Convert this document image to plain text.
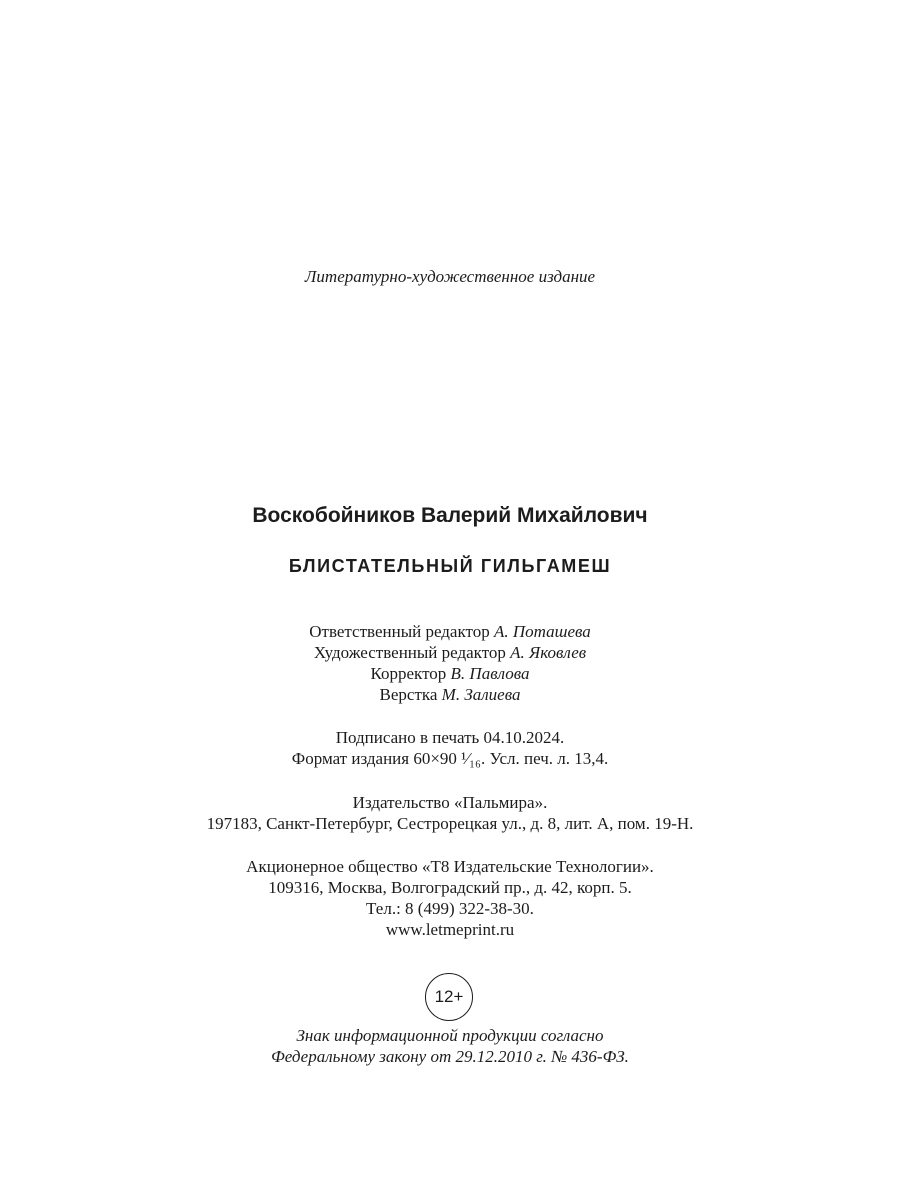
Литературно-художественное издание
Воскобойников Валерий Михайлович
БЛИСТАТЕЛЬНЫЙ ГИЛЬГАМЕШ
Ответственный редактор А. Поташева
Художественный редактор А. Яковлев
Корректор В. Павлова
Верстка М. Залиева
Подписано в печать 04.10.2024.
Формат издания 60×90 ¹⁄₁₆. Усл. печ. л. 13,4.
Издательство «Пальмира».
197183, Санкт-Петербург, Сестрорецкая ул., д. 8, лит. А, пом. 19-Н.
Акционерное общество «Т8 Издательские Технологии».
109316, Москва, Волгоградский пр., д. 42, корп. 5.
Тел.: 8 (499) 322-38-30.
www.letmeprint.ru
12+
Знак информационной продукции согласно
Федеральному закону от 29.12.2010 г. № 436-ФЗ.
